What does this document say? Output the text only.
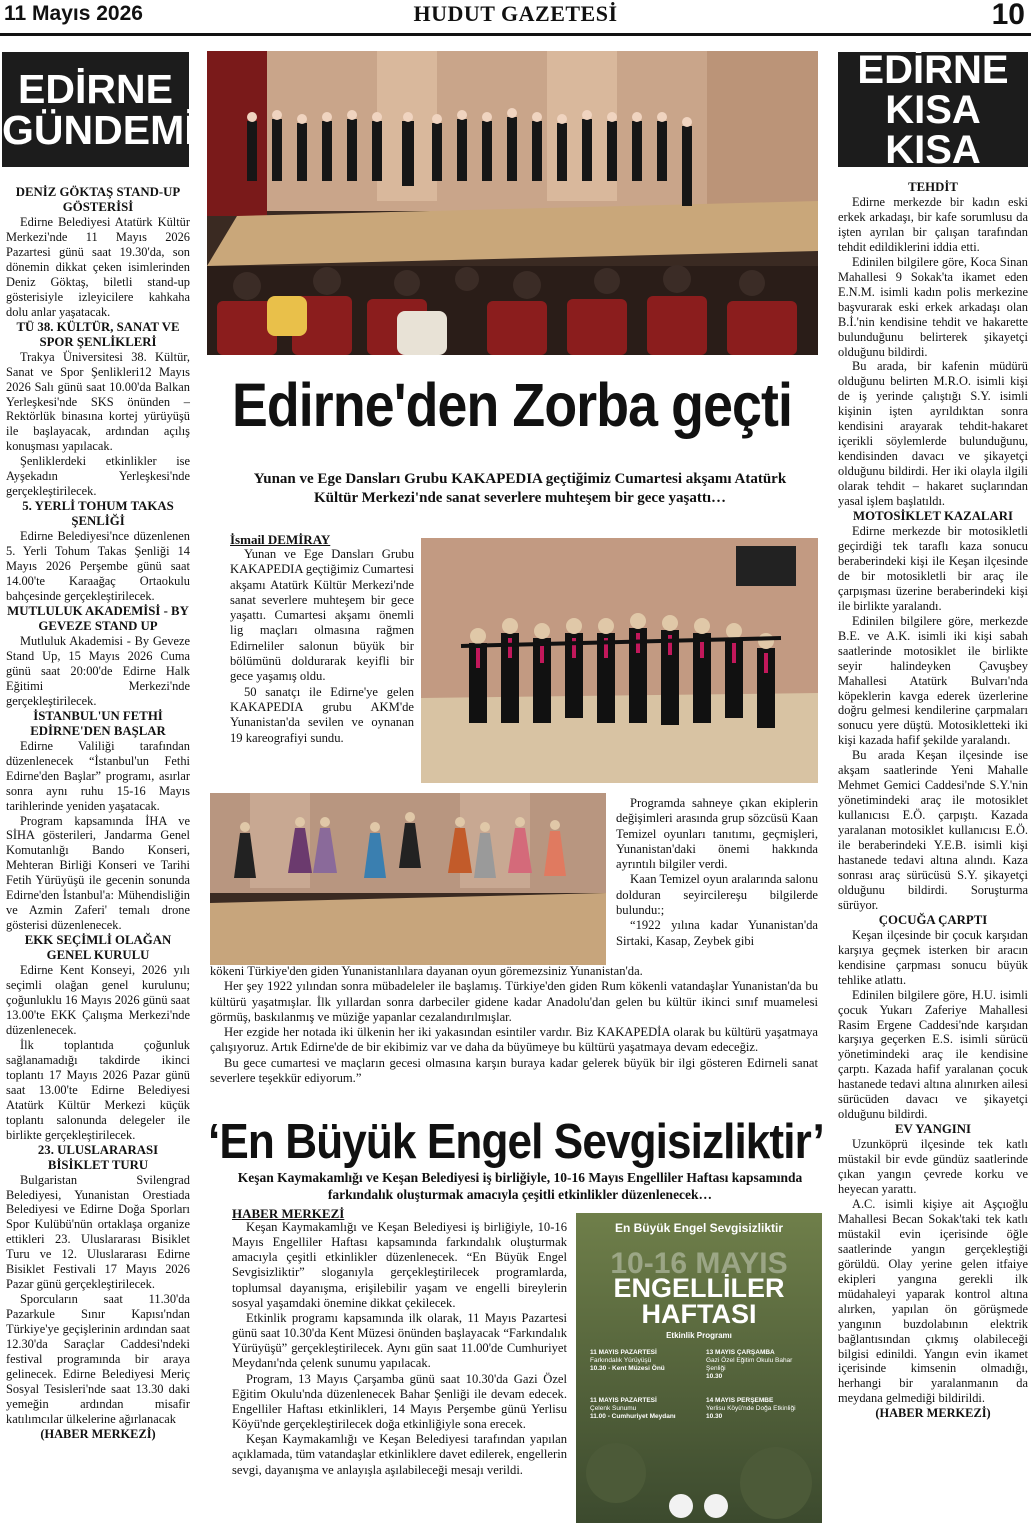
11 Mayıs 2026	HUDUT GAZETESİ	10
EDİRNE
GÜNDEMİ
EDİRNE
KISA KISA
DENİZ GÖKTAŞ STAND-UP GÖSTERİSİ

Edirne Belediyesi Atatürk Kültür Merkezi'nde 11 Mayıs 2026 Pazartesi günü saat 19.30'da, son dönemin dikkat çeken isimlerinden Deniz Göktaş, biletli stand-up gösterisiyle izleyicilere kahkaha dolu anlar yaşatacak.

TÜ 38. KÜLTÜR, SANAT VE SPOR ŞENLİKLERİ

Trakya Üniversitesi 38. Kültür, Sanat ve Spor Şenlikleri12 Mayıs 2026 Salı günü saat 10.00'da Balkan Yerleşkesi'nde SKS önünden – Rektörlük binasına kortej yürüyüşü ile başlayacak, ardından açılış konuşması yapılacak.

Şenliklerdeki etkinlikler ise Ayşekadın Yerleşkesi'nde gerçekleştirilecek.

5. YERLİ TOHUM TAKAS ŞENLİĞİ

Edirne Belediyesi'nce düzenlenen 5. Yerli Tohum Takas Şenliği 14 Mayıs 2026 Perşembe günü saat 14.00'te Karaağaç Ortaokulu bahçesinde gerçekleştirilecek.

MUTLULUK AKADEMİSİ - BY GEVEZE STAND UP

Mutluluk Akademisi - By Geveze Stand Up, 15 Mayıs 2026 Cuma günü saat 20:00'de Edirne Halk Eğitimi Merkezi'nde gerçekleştirilecek.

İSTANBUL'UN FETHİ EDİRNE'DEN BAŞLAR

Edirne Valiliği tarafından düzenlenecek “İstanbul'un Fethi Edirne'den Başlar” programı, asırlar sonra aynı ruhu 15-16 Mayıs tarihlerinde yeniden yaşatacak.

Program kapsamında İHA ve SİHA gösterileri, Jandarma Genel Komutanlığı Bando Konseri, Mehteran Birliği Konseri ve Tarihi Fetih Yürüyüşü ile gecenin sonunda Edirne'den İstanbul'a: Mühendisliğin ve Azmin Zaferi' temalı drone gösterisi düzenlenecek.

EKK SEÇİMLİ OLAĞAN GENEL KURULU

Edirne Kent Konseyi, 2026 yılı seçimli olağan genel kurulunu; çoğunluklu 16 Mayıs 2026 günü saat 13.00'te EKK Çalışma Merkezi'nde düzenlenecek.

İlk toplantıda çoğunluk sağlanamadığı takdirde ikinci toplantı 17 Mayıs 2026 Pazar günü saat 13.00'te Edirne Belediyesi Atatürk Kültür Merkezi küçük toplantı salonunda delegeler ile birlikte gerçekleştirilecek.

23. ULUSLARARASI BİSİKLET TURU

Bulgaristan Svilengrad Belediyesi, Yunanistan Orestiada Belediyesi ve Edirne Doğa Sporları Spor Kulübü'nün ortaklaşa organize ettikleri 23. Uluslararası Bisiklet Turu ve 12. Uluslararası Edirne Bisiklet Festivali 17 Mayıs 2026 Pazar günü gerçekleştirilecek.

Sporcuların saat 11.30'da Pazarkule Sınır Kapısı'ndan Türkiye'ye geçişlerinin ardından saat 12.30'da Saraçlar Caddesi'ndeki festival programında bir araya gelinecek. Edirne Belediyesi Meriç Sosyal Tesisleri'nde saat 13.30 daki yemeğin ardından misafir katılımcılar ülkelerine ağırlanacak

(HABER MERKEZİ)
TEHDİT

Edirne merkezde bir kadın eski erkek arkadaşı, bir kafe sorumlusu da işten ayrılan bir çalışan tarafından tehdit edildiklerini iddia etti.

Edinilen bilgilere göre, Koca Sinan Mahallesi 9 Sokak'ta ikamet eden E.N.M. isimli kadın polis merkezine başvurarak eski erkek arkadaşı olan B.İ.'nin kendisine tehdit ve hakarette bulunduğunu belirterek şikayetçi olduğunu bildirdi.

Bu arada, bir kafenin müdürü olduğunu belirten M.R.O. isimli kişi de iş yerinde çalıştığı S.Y. isimli kişinin işten ayrıldıktan sonra kendisini arayarak tehdit-hakaret içerikli söylemlerde bulunduğunu, kendisinden davacı ve şikayetçi olduğunu bildirdi. Her iki olayla ilgili olarak tehdit – hakaret suçlarından yasal işlem başlatıldı.

MOTOSİKLET KAZALARI

Edirne merkezde bir motosikletli geçirdiği tek taraflı kaza sonucu beraberindeki kişi ile Keşan ilçesinde de bir motosikletli bir araç ile çarpışması üzerine beraberindeki kişi ile birlikte yaralandı.

Edinilen bilgilere göre, merkezde B.E. ve A.K. isimli iki kişi sabah saatlerinde motosiklet ile birlikte seyir halindeyken Çavuşbey Mahallesi Atatürk Bulvarı'nda köpeklerin kavga ederek üzerlerine doğru gelmesi kendilerine çarpmaları sonucu yere düştü. Motosikletteki iki kişi kazada hafif şekilde yaralandı.

Bu arada Keşan ilçesinde ise akşam saatlerinde Yeni Mahalle Mehmet Gemici Caddesi'nde S.Y.'nin yönetimindeki araç ile motosiklet kullanıcısı E.Ö. çarpıştı. Kazada yaralanan motosiklet kullanıcısı E.Ö. ile beraberindeki Y.E.B. isimli kişi hastanede tedavi altına alındı. Kaza sonrası araç sürücüsü S.Y. şikayetçi olduğunu bildirdi. Soruşturma sürüyor.

ÇOCUĞA ÇARPTI

Keşan ilçesinde bir çocuk karşıdan karşıya geçmek isterken bir aracın kendisine çarpması sonucu büyük tehlike atlattı.

Edinilen bilgilere göre, H.U. isimli çocuk Yukarı Zaferiye Mahallesi Rasim Ergene Caddesi'nde karşıdan karşıya geçerken E.S. isimli sürücü yönetimindeki araç ile kendisine çarptı. Kazada hafif yaralanan çocuk hastanede tedavi altına alınırken ailesi sürücüden davacı ve şikayetçi olduğunu bildirdi.

EV YANGINI

Uzunköprü ilçesinde tek katlı müstakil bir evde gündüz saatlerinde çıkan yangın çevrede korku ve heyecan yarattı.

A.C. isimli kişiye ait Aşçıoğlu Mahallesi Becan Sokak'taki tek katlı müstakil evin içerisinde öğle saatlerinde yangın gerçekleştiği görüldü. Olay yerine gelen itfaiye ekipleri yangına gerekli ilk müdahaleyi yaparak kontrol altına alırken, yapılan ön görüşmede yangının buzdolabının elektrik bağlantısından çıkmış olabileceği bilgisi edinildi. Yangın evin ikamet içerisinde kimsenin olmadığı, herhangi bir yaralanmanın da meydana gelmediği bildirildi.

(HABER MERKEZİ)
Edirne'den Zorba geçti
Yunan ve Ege Dansları Grubu KAKAPEDIA geçtiğimiz Cumartesi akşamı Atatürk Kültür Merkezi'nde sanat severlere muhteşem bir gece yaşattı…
İsmail DEMİRAY

Yunan ve Ege Dansları Grubu KAKAPEDIA geçtiğimiz Cumartesi akşamı Atatürk Kültür Merkezi'nde sanat severlere muhteşem bir gece yaşattı. Cumartesi akşamı önemli lig maçları olmasına rağmen Edirneliler salonun büyük bir bölümünü doldurarak keyifli bir gece yaşamış oldu.

50 sanatçı ile Edirne'ye gelen KAKAPEDIA grubu AKM'de Yunanistan'da sevilen ve oynanan 19 kareografiyi sundu.

Programda sahneye çıkan ekiplerin değişimleri arasında grup sözcüsü Kaan Temizel oyunları tanıtımı, geçmişleri, Yunanistan'daki önemi hakkında ayrıntılı bilgiler verdi.

Kaan Temizel oyun aralarında salonu dolduran seyircilereşu bilgilerde bulundu:;

“1922 yılına kadar Yunanistan'da Sirtaki, Kasap, Zeybek gibi

kökeni Türkiye'den giden Yunanistanlılara dayanan oyun göremezsiniz Yunanistan'da.

Her şey 1922 yılından sonra mübadeleler ile başlamış. Türkiye'den giden Rum kökenli vatandaşlar Yunanistan'da bu kültürü yaşatmışlar. İlk yıllardan sonra darbeciler gidene kadar Anadolu'dan gelen bu kültür ikinci sınıf muamelesi görmüş, baskılanmış ve müziğe yapanlar cezalandırılmışlar.

Her ezgide her notada iki ülkenin her iki yakasından esintiler vardır. Biz KAKAPEDİA olarak bu kültürü yaşatmaya çalışıyoruz. Artık Edirne'de de bir ekibimiz var ve daha da büyümeye bu kültürü yaşatmaya devam edeceğiz.

Bu gece cumartesi ve maçların gecesi olmasına karşın buraya kadar gelerek büyük bir ilgi gösteren Edirneli sanat severlere teşekkür ediyorum.”

‘En Büyük Engel Sevgisizliktir’
Keşan Kaymakamlığı ve Keşan Belediyesi iş birliğiyle, 10-16 Mayıs Engelliler Haftası kapsamında farkındalık oluşturmak amacıyla çeşitli etkinlikler düzenlenecek…
HABER MERKEZİ

Keşan Kaymakamlığı ve Keşan Belediyesi iş birliğiyle, 10-16 Mayıs Engelliler Haftası kapsamında farkındalık oluşturmak amacıyla çeşitli etkinlikler düzenlenecek. “En Büyük Engel Sevgisizliktir” sloganıyla gerçekleştirilecek programlarda, toplumsal dayanışma, erişilebilir yaşam ve engelli bireylerin sosyal yaşamdaki önemine dikkat çekilecek.

Etkinlik programı kapsamında ilk olarak, 11 Mayıs Pazartesi günü saat 10.30'da Kent Müzesi önünden başlayacak “Farkındalık Yürüyüşü” gerçekleştirilecek. Aynı gün saat 11.00'de Cumhuriyet Meydanı'nda çelenk sunumu yapılacak.

Program, 13 Mayıs Çarşamba günü saat 10.30'da Gazi Özel Eğitim Okulu'nda düzenlenecek Bahar Şenliği ile devam edecek. Engelliler Haftası etkinlikleri, 14 Mayıs Perşembe günü Yerlisu Köyü'nde gerçekleştirilecek doğa etkinliğiyle sona erecek.

Keşan Kaymakamlığı ve Keşan Belediyesi tarafından yapılan açıklamada, tüm vatandaşlar etkinliklere davet edilerek, engellerin sevgi, dayanışma ve anlayışla aşılabileceği mesajı verildi.

En Büyük Engel Sevgisizliktir
10-16 MAYIS
ENGELLİLER
HAFTASI
Etkinlik Programı
11 MAYIS PAZARTESİ
Farkındalık Yürüyüşü
10.30 - Kent Müzesi Önü
13 MAYIS ÇARŞAMBA
Gazi Özel Eğitim Okulu Bahar Şenliği
10.30
11 MAYIS PAZARTESİ
Çelenk Sunumu
11.00 - Cumhuriyet Meydanı
14 MAYIS PERŞEMBE
Yerlisu Köyü'nde Doğa Etkinliği
10.30
